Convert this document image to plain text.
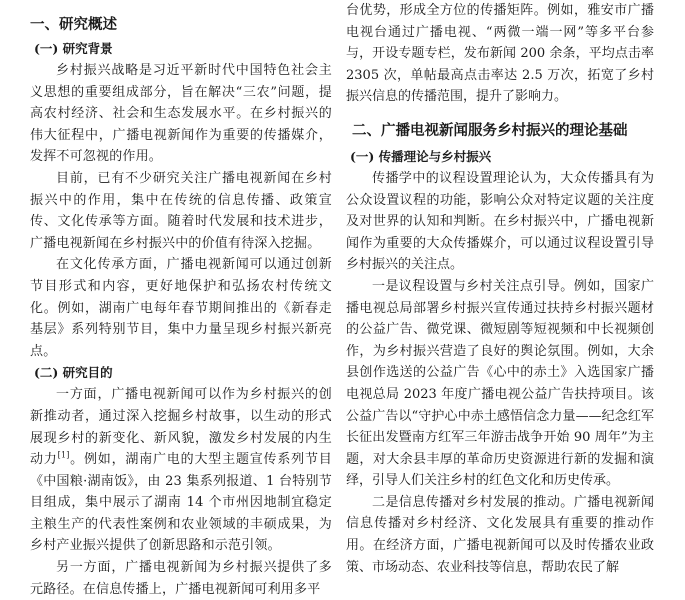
一、研究概述
(一) 研究背景

乡村振兴战略是习近平新时代中国特色社会主义思想的重要组成部分，旨在解决“三农”问题，提高农村经济、社会和生态发展水平。在乡村振兴的伟大征程中，广播电视新闻作为重要的传播媒介，发挥不可忽视的作用。

目前，已有不少研究关注广播电视新闻在乡村振兴中的作用，集中在传统的信息传播、政策宣传、文化传承等方面。随着时代发展和技术进步，广播电视新闻在乡村振兴中的价值有待深入挖掘。

在文化传承方面，广播电视新闻可以通过创新节目形式和内容，更好地保护和弘扬农村传统文化。例如，湖南广电每年春节期间推出的《新春走基层》系列特别节目，集中力量呈现乡村振兴新亮点。

(二) 研究目的

一方面，广播电视新闻可以作为乡村振兴的创新推动者，通过深入挖掘乡村故事，以生动的形式展现乡村的新变化、新风貌，激发乡村发展的内生动力[1]。例如，湖南广电的大型主题宣传系列节目《中国粮·湖南饭》，由 23 集系列报道、1 台特别节目组成，集中展示了湖南 14 个市州因地制宜稳定主粮生产的代表性案例和农业领域的丰硕成果，为乡村产业振兴提供了创新思路和示范引领。

另一方面，广播电视新闻为乡村振兴提供了多元路径。在信息传播上，广播电视新闻可利用多平

台优势，形成全方位的传播矩阵。例如，雅安市广播电视台通过广播电视、“两微一端一网”等多平台参与，开设专题专栏，发布新闻 200 余条，平均点击率 2305 次，单帖最高点击率达 2.5 万次，拓宽了乡村振兴信息的传播范围，提升了影响力。

二、广播电视新闻服务乡村振兴的理论基础
(一) 传播理论与乡村振兴

传播学中的议程设置理论认为，大众传播具有为公众设置议程的功能，影响公众对特定议题的关注度及对世界的认知和判断。在乡村振兴中，广播电视新闻作为重要的大众传播媒介，可以通过议程设置引导乡村振兴的关注点。

一是议程设置与乡村关注点引导。例如，国家广播电视总局部署乡村振兴宣传通过扶持乡村振兴题材的公益广告、微党课、微短剧等短视频和中长视频创作，为乡村振兴营造了良好的舆论氛围。例如，大余县创作选送的公益广告《心中的赤土》入选国家广播电视总局 2023 年度广播电视公益广告扶持项目。该公益广告以“守护心中赤土感悟信念力量——纪念红军长征出发暨南方红军三年游击战争开始 90 周年”为主题，对大余县丰厚的革命历史资源进行新的发掘和演绎，引导人们关注乡村的红色文化和历史传承。

二是信息传播对乡村发展的推动。广播电视新闻信息传播对乡村经济、文化发展具有重要的推动作用。在经济方面，广播电视新闻可以及时传播农业政策、市场动态、农业科技等信息，帮助农民了解
